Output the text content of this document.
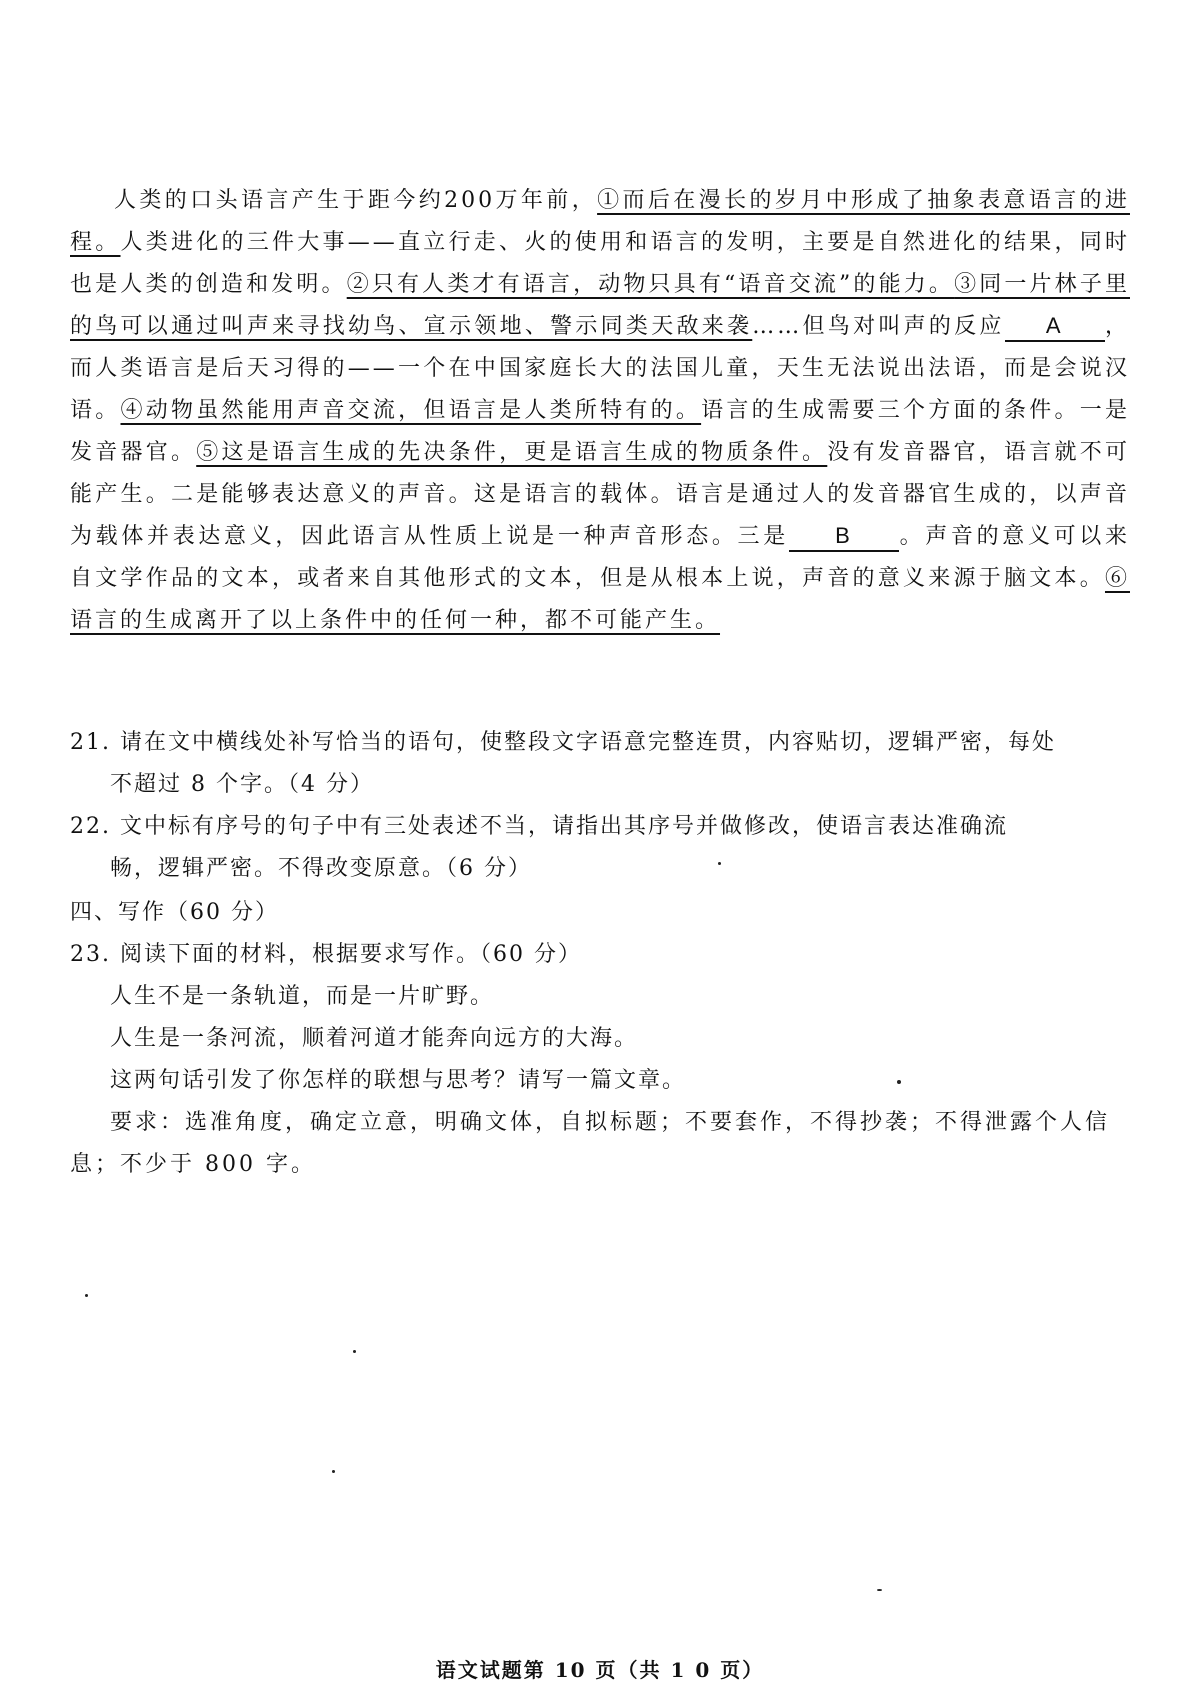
人类的口头语言产生于距今约200万年前，①而后在漫长的岁月中形成了抽象表意语言的进程。人类进化的三件大事——直立行走、火的使用和语言的发明，主要是自然进化的结果，同时也是人类的创造和发明。②只有人类才有语言，动物只具有“语音交流”的能力。③同一片林子里的鸟可以通过叫声来寻找幼鸟、宣示领地、警示同类天敌来袭……但鸟对叫声的反应 A ，而人类语言是后天习得的——一个在中国家庭长大的法国儿童，天生无法说出法语，而是会说汉语。④动物虽然能用声音交流，但语言是人类所特有的。语言的生成需要三个方面的条件。一是发音器官。⑤这是语言生成的先决条件，更是语言生成的物质条件。没有发音器官，语言就不可能产生。二是能够表达意义的声音。这是语言的载体。语言是通过人的发音器官生成的，以声音为载体并表达意义，因此语言从性质上说是一种声音形态。三是 B 。声音的意义可以来自文学作品的文本，或者来自其他形式的文本，但是从根本上说，声音的意义来源于脑文本。⑥语言的生成离开了以上条件中的任何一种，都不可能产生。
21. 请在文中横线处补写恰当的语句，使整段文字语意完整连贯，内容贴切，逻辑严密，每处
不超过 8 个字。（4 分）
22. 文中标有序号的句子中有三处表述不当，请指出其序号并做修改，使语言表达准确流
畅，逻辑严密。不得改变原意。（6 分）
四、写作（60 分）
23. 阅读下面的材料，根据要求写作。（60 分）
人生不是一条轨道，而是一片旷野。
人生是一条河流，顺着河道才能奔向远方的大海。
这两句话引发了你怎样的联想与思考？请写一篇文章。
要求：选准角度，确定立意，明确文体，自拟标题；不要套作，不得抄袭；不得泄露个人信息；不少于 800 字。
语文试题第 10 页（共 1 0 页）
